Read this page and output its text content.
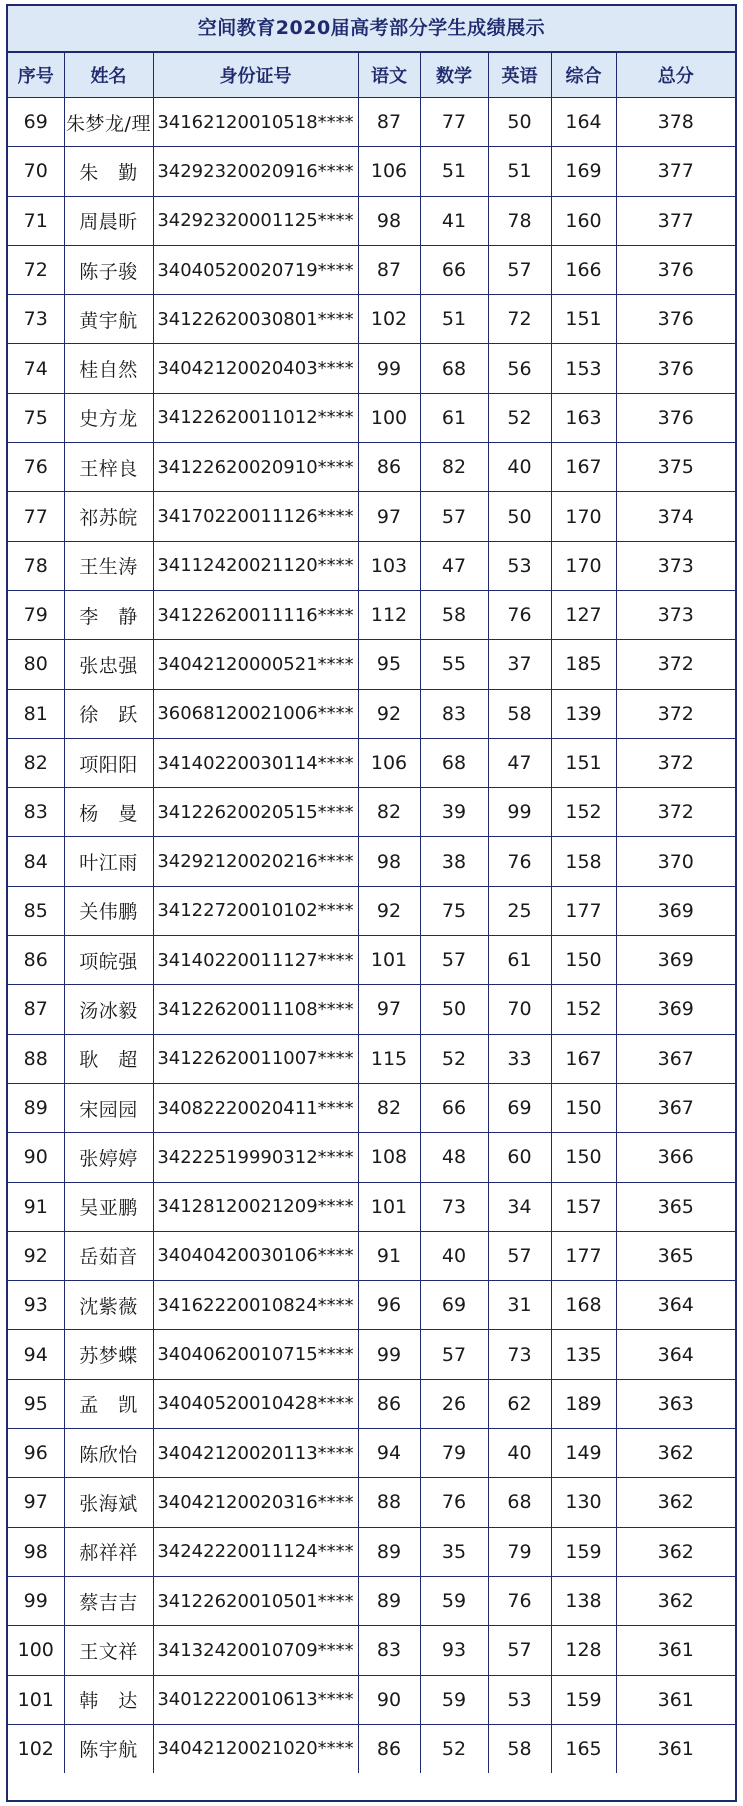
空间教育2020届高考部分学生成绩展示
序号	姓名	身份证号	语文	数学	英语	综合	总分
69	朱梦龙/理	34162120010518****	87	77	50	164	378
70	朱　勤	34292320020916****	106	51	51	169	377
71	周晨昕	34292320001125****	98	41	78	160	377
72	陈子骏	34040520020719****	87	66	57	166	376
73	黄宇航	34122620030801****	102	51	72	151	376
74	桂自然	34042120020403****	99	68	56	153	376
75	史方龙	34122620011012****	100	61	52	163	376
76	王梓良	34122620020910****	86	82	40	167	375
77	祁苏皖	34170220011126****	97	57	50	170	374
78	王生涛	34112420021120****	103	47	53	170	373
79	李　静	34122620011116****	112	58	76	127	373
80	张忠强	34042120000521****	95	55	37	185	372
81	徐　跃	36068120021006****	92	83	58	139	372
82	项阳阳	34140220030114****	106	68	47	151	372
83	杨　曼	34122620020515****	82	39	99	152	372
84	叶江雨	34292120020216****	98	38	76	158	370
85	关伟鹏	34122720010102****	92	75	25	177	369
86	项皖强	34140220011127****	101	57	61	150	369
87	汤冰毅	34122620011108****	97	50	70	152	369
88	耿　超	34122620011007****	115	52	33	167	367
89	宋园园	34082220020411****	82	66	69	150	367
90	张婷婷	34222519990312****	108	48	60	150	366
91	吴亚鹏	34128120021209****	101	73	34	157	365
92	岳茹音	34040420030106****	91	40	57	177	365
93	沈紫薇	34162220010824****	96	69	31	168	364
94	苏梦蝶	34040620010715****	99	57	73	135	364
95	孟　凯	34040520010428****	86	26	62	189	363
96	陈欣怡	34042120020113****	94	79	40	149	362
97	张海斌	34042120020316****	88	76	68	130	362
98	郝祥祥	34242220011124****	89	35	79	159	362
99	蔡吉吉	34122620010501****	89	59	76	138	362
100	王文祥	34132420010709****	83	93	57	128	361
101	韩　达	34012220010613****	90	59	53	159	361
102	陈宇航	34042120021020****	86	52	58	165	361
